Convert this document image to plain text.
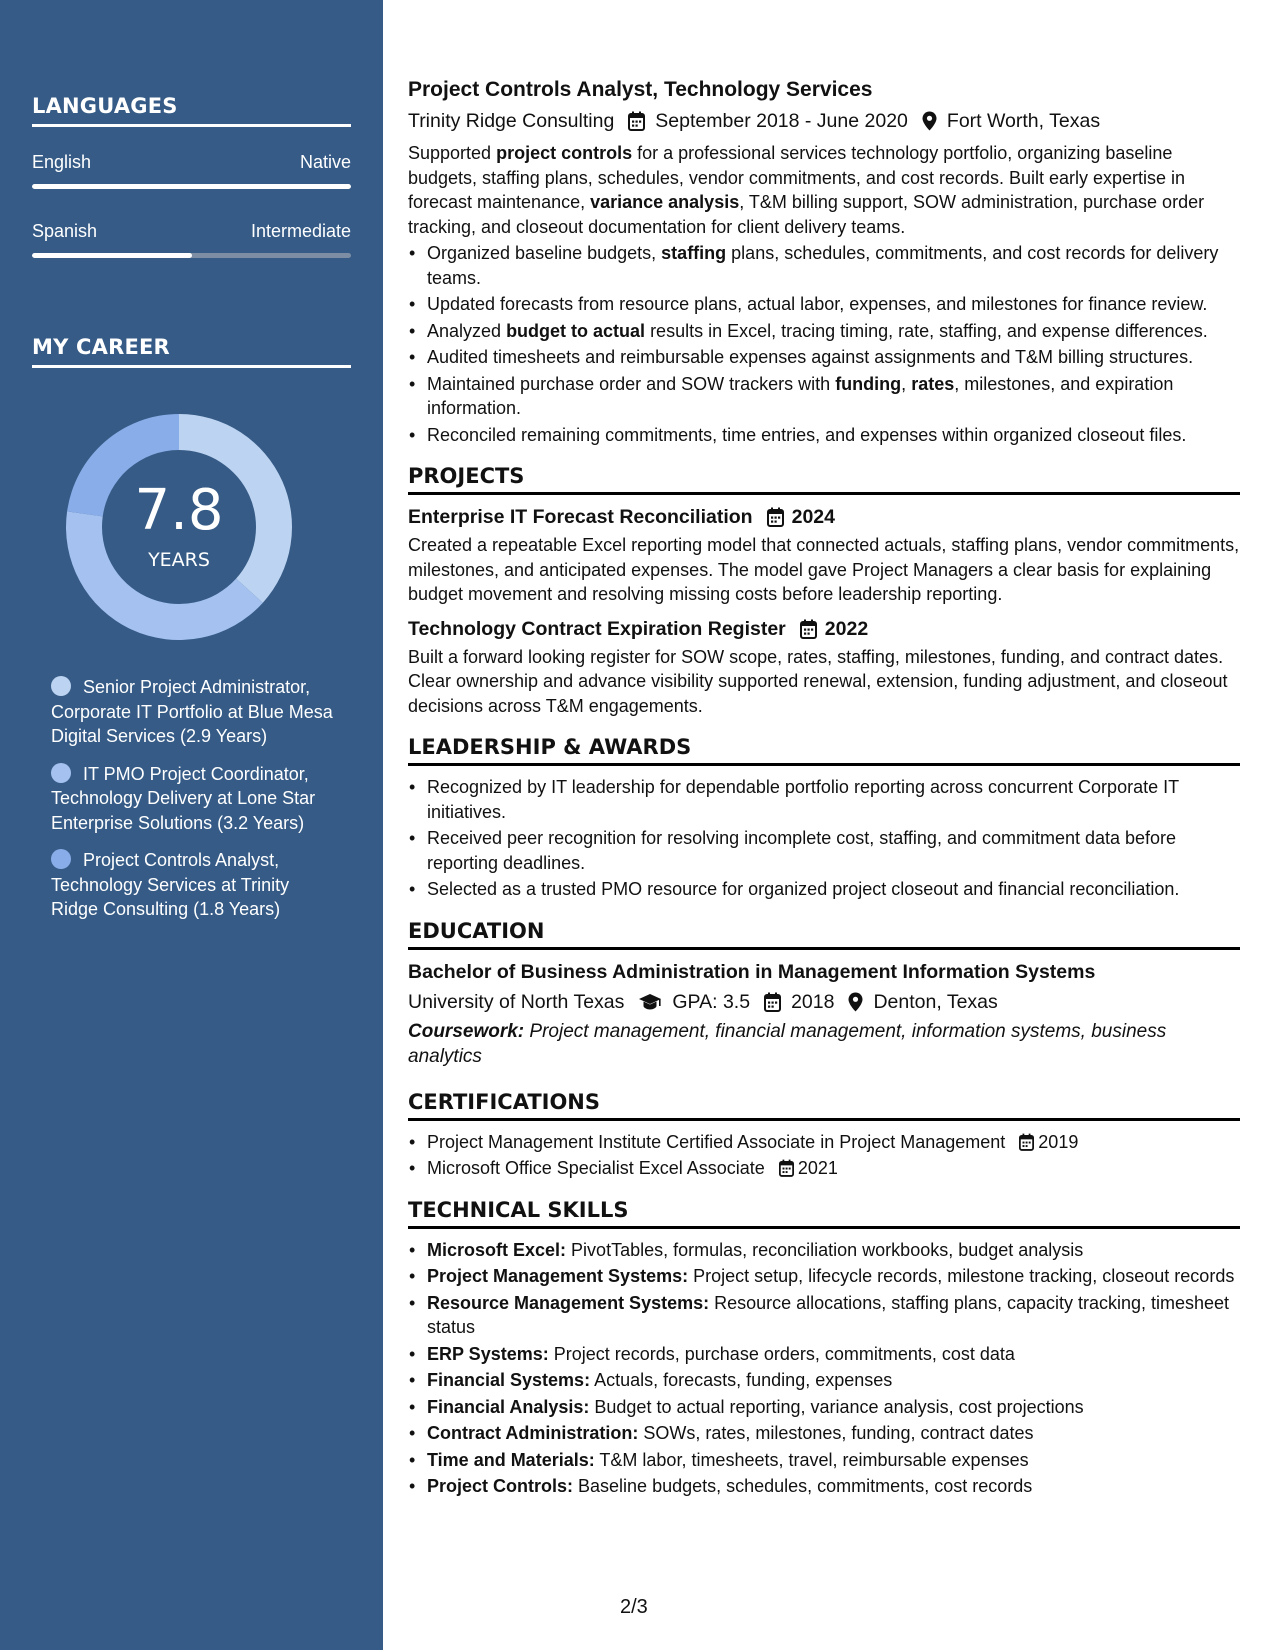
LANGUAGES
English	Native
Spanish	Intermediate
MY CAREER
7.8
YEARS
Senior Project Administrator, Corporate IT Portfolio at Blue Mesa Digital Services (2.9 Years)
IT PMO Project Coordinator, Technology Delivery at Lone Star Enterprise Solutions (3.2 Years)
Project Controls Analyst, Technology Services at Trinity Ridge Consulting (1.8 Years)
Project Controls Analyst, Technology Services
Trinity Ridge Consulting September 2018 - June 2020 Fort Worth, Texas

Supported project controls for a professional services technology portfolio, organizing baseline budgets, staffing plans, schedules, vendor commitments, and cost records. Built early expertise in forecast maintenance, variance analysis, T&M billing support, SOW administration, purchase order tracking, and closeout documentation for client delivery teams.

• Organized baseline budgets, staffing plans, schedules, commitments, and cost records for delivery teams.
• Updated forecasts from resource plans, actual labor, expenses, and milestones for finance review.
• Analyzed budget to actual results in Excel, tracing timing, rate, staffing, and expense differences.
• Audited timesheets and reimbursable expenses against assignments and T&M billing structures.
• Maintained purchase order and SOW trackers with funding, rates, milestones, and expiration information.
• Reconciled remaining commitments, time entries, and expenses within organized closeout files.
PROJECTS
Enterprise IT Forecast Reconciliation 2024

Created a repeatable Excel reporting model that connected actuals, staffing plans, vendor commitments, milestones, and anticipated expenses. The model gave Project Managers a clear basis for explaining budget movement and resolving missing costs before leadership reporting.

Technology Contract Expiration Register 2022

Built a forward looking register for SOW scope, rates, staffing, milestones, funding, and contract dates. Clear ownership and advance visibility supported renewal, extension, funding adjustment, and closeout decisions across T&M engagements.

LEADERSHIP & AWARDS
• Recognized by IT leadership for dependable portfolio reporting across concurrent Corporate IT initiatives.
• Received peer recognition for resolving incomplete cost, staffing, and commitment data before reporting deadlines.
• Selected as a trusted PMO resource for organized project closeout and financial reconciliation.
EDUCATION
Bachelor of Business Administration in Management Information Systems
University of North Texas GPA: 3.5 2018 Denton, Texas

Coursework: Project management, financial management, information systems, business analytics

CERTIFICATIONS
• Project Management Institute Certified Associate in Project Management 2019
• Microsoft Office Specialist Excel Associate 2021
TECHNICAL SKILLS
• Microsoft Excel: PivotTables, formulas, reconciliation workbooks, budget analysis
• Project Management Systems: Project setup, lifecycle records, milestone tracking, closeout records
• Resource Management Systems: Resource allocations, staffing plans, capacity tracking, timesheet status
• ERP Systems: Project records, purchase orders, commitments, cost data
• Financial Systems: Actuals, forecasts, funding, expenses
• Financial Analysis: Budget to actual reporting, variance analysis, cost projections
• Contract Administration: SOWs, rates, milestones, funding, contract dates
• Time and Materials: T&M labor, timesheets, travel, reimbursable expenses
• Project Controls: Baseline budgets, schedules, commitments, cost records
2/3
